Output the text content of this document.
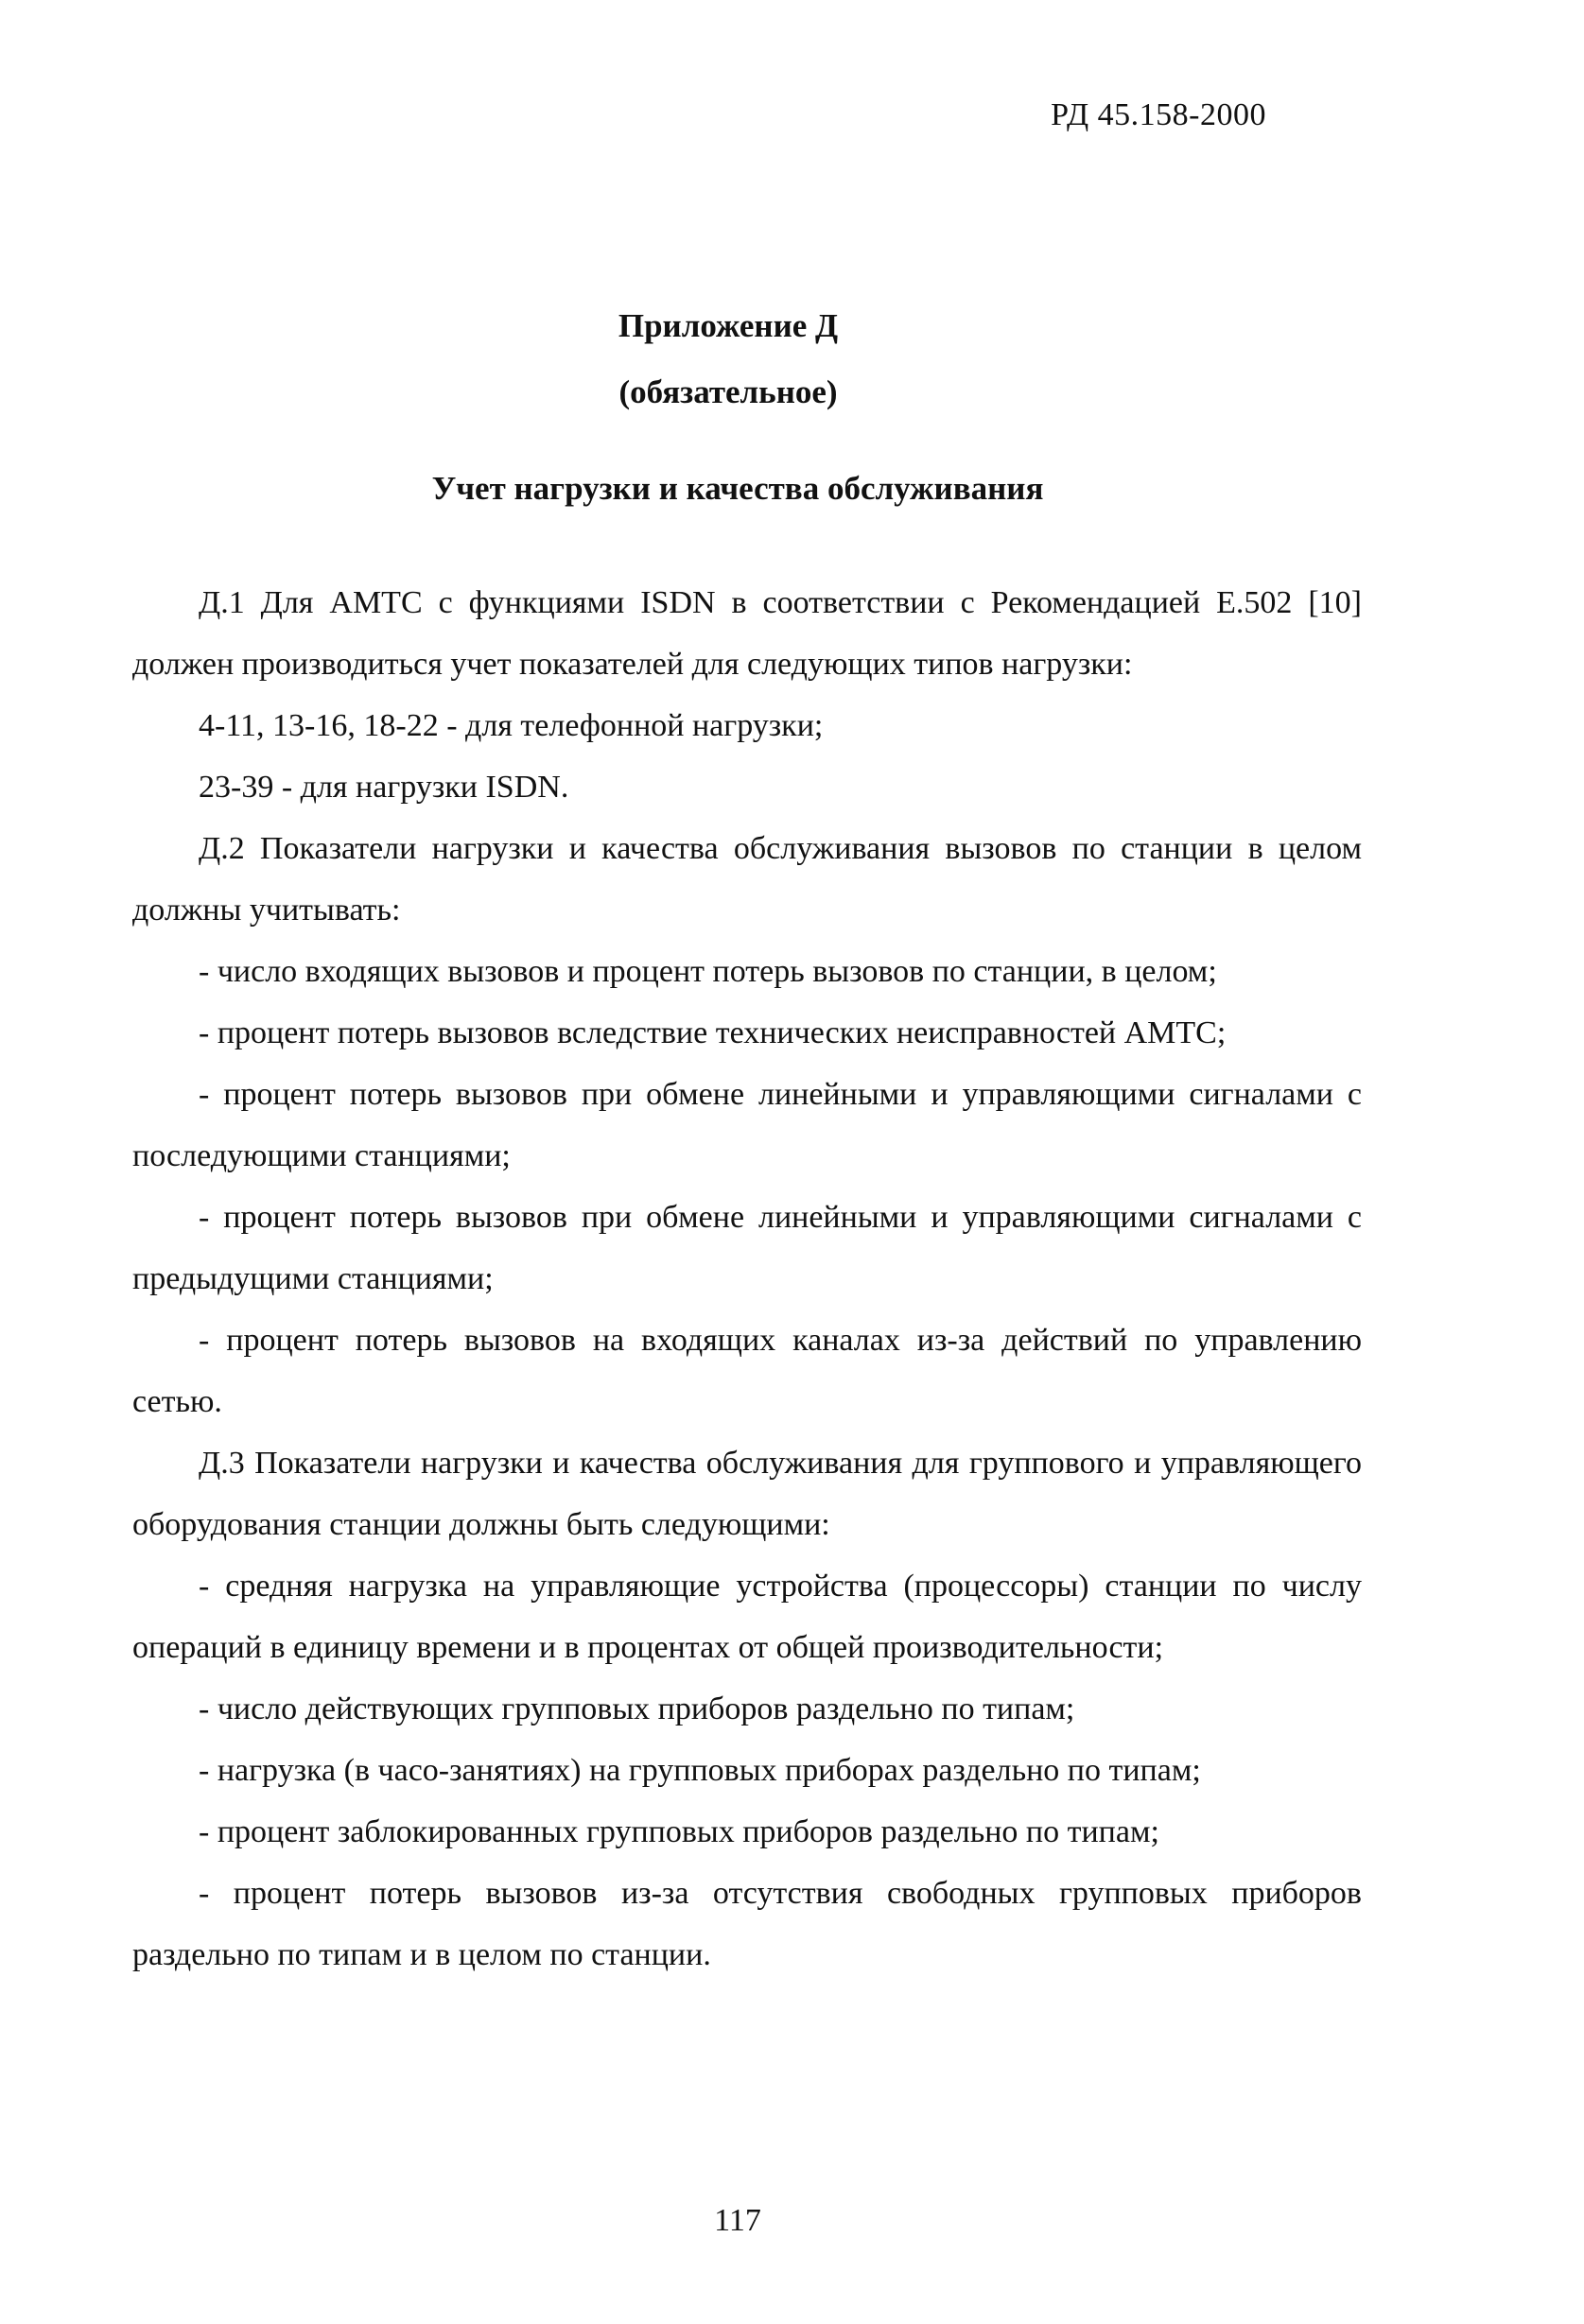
РД 45.158-2000
Приложение Д
(обязательное)
Учет нагрузки и качества обслуживания

Д.1 Для АМТС с функциями ISDN в соответствии с Рекомендацией Е.502 [10] должен производиться учет показателей для следующих типов нагрузки:

4-11, 13-16, 18-22 - для телефонной нагрузки;

23-39 - для нагрузки ISDN.

Д.2 Показатели нагрузки и качества обслуживания вызовов по станции в целом должны учитывать:

- число входящих вызовов и процент потерь вызовов по станции, в целом;

- процент потерь вызовов вследствие технических неисправностей АМТС;

- процент потерь вызовов при обмене линейными и управляющими сигналами с последующими станциями;

- процент потерь вызовов при обмене линейными и управляющими сигналами с предыдущими станциями;

- процент потерь вызовов на входящих каналах из-за действий по управлению сетью.

Д.3 Показатели нагрузки и качества обслуживания для группового и управляющего оборудования станции должны быть следующими:

- средняя нагрузка на управляющие устройства (процессоры) станции по числу операций в единицу времени и в процентах от общей производительности;

- число действующих групповых приборов раздельно по типам;

- нагрузка (в часо-занятиях) на групповых приборах раздельно по типам;

- процент заблокированных групповых приборов раздельно по типам;

- процент потерь вызовов из-за отсутствия свободных групповых приборов раздельно по типам и в целом по станции.

117
